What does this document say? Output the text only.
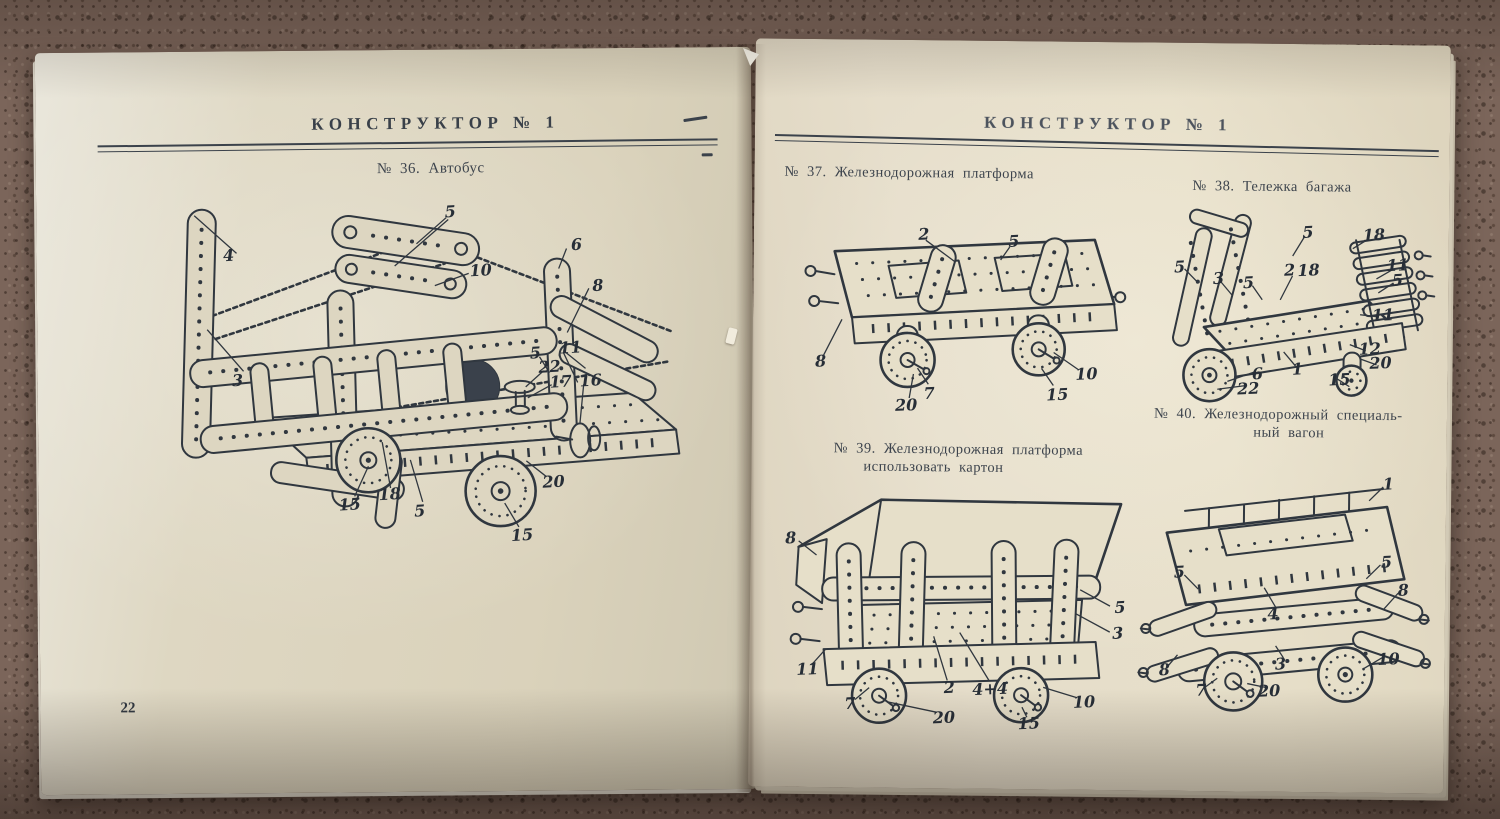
КОНСТРУКТОР № 1
№ 36. Автобус
5
4
6
10
8
3
5 11
22
17 16
15
18
5
20
15
22
КОНСТРУКТОР № 1
№ 37. Железнодорожная платформа
№ 38. Тележка багажа
2	5
8
7
20
15
10
5	18
11
5
5
3 5
2 18
11
12
20
15
1
6
22
№ 40. Железнодорожный специаль-
ный вагон
№ 39. Железнодорожная платформа
использовать картон
8
5
3
11
7
20
2 4+4
15
10
1
5
5
8
4
3	10
8
7	20
